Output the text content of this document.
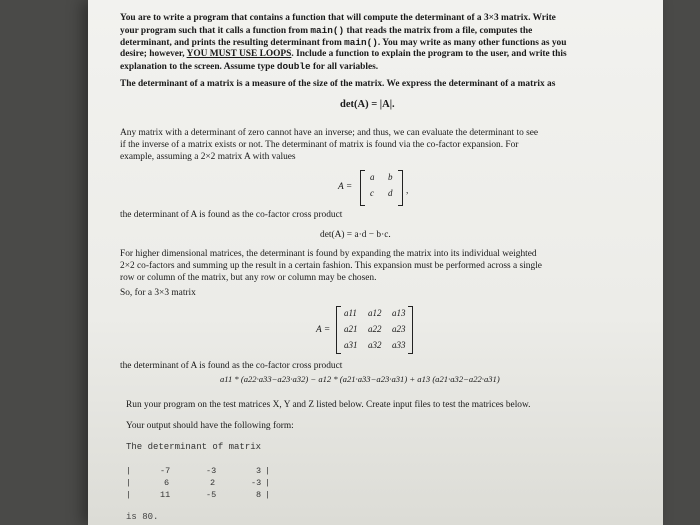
You are to write a program that contains a function that will compute the determinant of a 3×3 matrix. Write
your program such that it calls a function from main() that reads the matrix from a file, computes the
determinant, and prints the resulting determinant from main(). You may write as many other functions as you
desire; however, YOU MUST USE LOOPS. Include a function to explain the program to the user, and write this
explanation to the screen. Assume type double for all variables.
The determinant of a matrix is a measure of the size of the matrix. We express the determinant of a matrix as
det(A) = |A|.
Any matrix with a determinant of zero cannot have an inverse; and thus, we can evaluate the determinant to see
if the inverse of a matrix exists or not. The determinant of matrix is found via the co-factor expansion. For
example, assuming a 2×2 matrix A with values
A =
a b
c d ,
the determinant of A is found as the co-factor cross product
det(A) = a·d − b·c.
For higher dimensional matrices, the determinant is found by expanding the matrix into its individual weighted
2×2 co-factors and summing up the result in a certain fashion. This expansion must be performed across a single
row or column of the matrix, but any row or column may be chosen.
So, for a 3×3 matrix
A =
a11 a12 a13
a21 a22 a23
a31 a32 a33
the determinant of A is found as the co-factor cross product
a11 * (a22·a33−a23·a32) − a12 * (a21·a33−a23·a31) + a13 (a21·a32−a22·a31)
Run your program on the test matrices X, Y and Z listed below. Create input files to test the matrices below.
Your output should have the following form:
The determinant of matrix
|	-7	-3	3 |
|	6	2	-3 |
|	11	-5	8 |
is 80.
